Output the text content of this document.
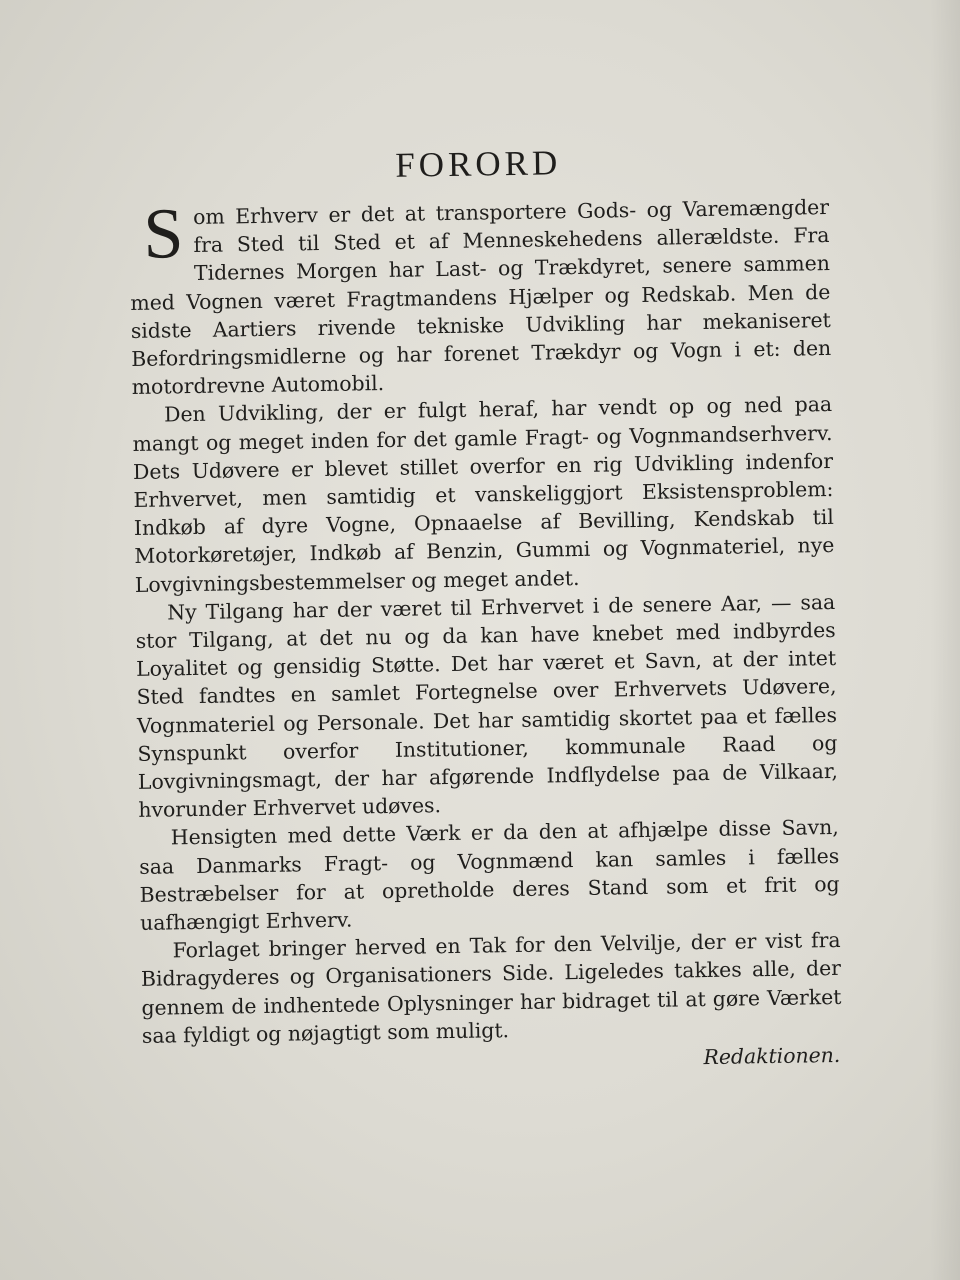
FORORD

Som Erhverv er det at transportere Gods- og Varemængder fra Sted til Sted et af Menneskehedens allerældste. Fra Tidernes Morgen har Last- og Trækdyret, senere sammen med Vognen været Fragtmandens Hjælper og Redskab. Men de sidste Aartiers rivende tekniske Udvikling har mekaniseret Befordringsmidlerne og har forenet Trækdyr og Vogn i et: den motordrevne Automobil.

Den Udvikling, der er fulgt heraf, har vendt op og ned paa mangt og meget inden for det gamle Fragt- og Vognmandserhverv. Dets Udøvere er blevet stillet overfor en rig Udvikling indenfor Erhvervet, men samtidig et vanskeliggjort Eksistensproblem: Indkøb af dyre Vogne, Opnaaelse af Bevilling, Kendskab til Motorkøretøjer, Indkøb af Benzin, Gummi og Vognmateriel, nye Lovgivningsbestemmelser og meget andet.

Ny Tilgang har der været til Erhvervet i de senere Aar, — saa stor Tilgang, at det nu og da kan have knebet med indbyrdes Loyalitet og gensidig Støtte. Det har været et Savn, at der intet Sted fandtes en samlet Fortegnelse over Erhvervets Udøvere, Vognmateriel og Personale. Det har samtidig skortet paa et fælles Synspunkt overfor Institutioner, kommunale Raad og Lovgivningsmagt, der har afgørende Indflydelse paa de Vilkaar, hvorunder Erhvervet udøves.

Hensigten med dette Værk er da den at afhjælpe disse Savn, saa Danmarks Fragt- og Vognmænd kan samles i fælles Bestræbelser for at opretholde deres Stand som et frit og uafhængigt Erhverv.

Forlaget bringer herved en Tak for den Velvilje, der er vist fra Bidragyderes og Organisationers Side. Ligeledes takkes alle, der gennem de indhentede Oplysninger har bidraget til at gøre Værket saa fyldigt og nøjagtigt som muligt.

Redaktionen.
